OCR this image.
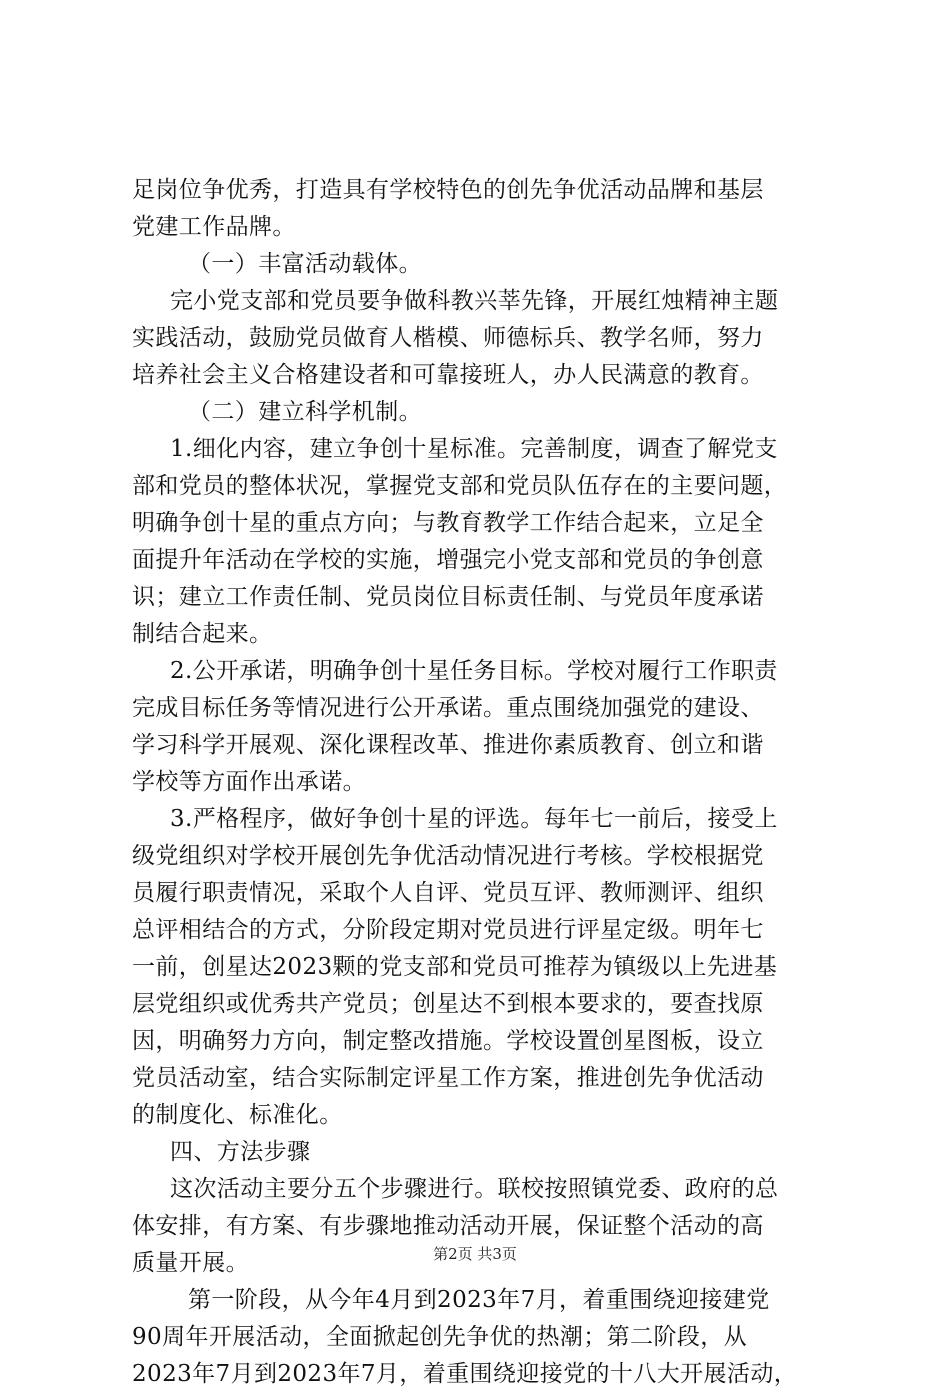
足岗位争优秀，打造具有学校特色的创先争优活动品牌和基层
党建工作品牌。
（一）丰富活动载体。
完小党支部和党员要争做科教兴莘先锋，开展红烛精神主题
实践活动，鼓励党员做育人楷模、师德标兵、教学名师，努力
培养社会主义合格建设者和可靠接班人，办人民满意的教育。
（二）建立科学机制。
1.细化内容，建立争创十星标准。完善制度，调查了解党支
部和党员的整体状况，掌握党支部和党员队伍存在的主要问题，
明确争创十星的重点方向；与教育教学工作结合起来，立足全
面提升年活动在学校的实施，增强完小党支部和党员的争创意
识；建立工作责任制、党员岗位目标责任制、与党员年度承诺
制结合起来。
2.公开承诺，明确争创十星任务目标。学校对履行工作职责
完成目标任务等情况进行公开承诺。重点围绕加强党的建设、
学习科学开展观、深化课程改革、推进你素质教育、创立和谐
学校等方面作出承诺。
3.严格程序，做好争创十星的评选。每年七一前后，接受上
级党组织对学校开展创先争优活动情况进行考核。学校根据党
员履行职责情况，采取个人自评、党员互评、教师测评、组织
总评相结合的方式，分阶段定期对党员进行评星定级。明年七
一前，创星达2023颗的党支部和党员可推荐为镇级以上先进基
层党组织或优秀共产党员；创星达不到根本要求的，要查找原
因，明确努力方向，制定整改措施。学校设置创星图板，设立
党员活动室，结合实际制定评星工作方案，推进创先争优活动
的制度化、标准化。
四、方法步骤
这次活动主要分五个步骤进行。联校按照镇党委、政府的总
体安排，有方案、有步骤地推动活动开展，保证整个活动的高
质量开展。
第一阶段，从今年4月到2023年7月，着重围绕迎接建党
90周年开展活动，全面掀起创先争优的热潮；第二阶段，从
2023年7月到2023年7月，着重围绕迎接党的十八大开展活动，
第2页 共3页
